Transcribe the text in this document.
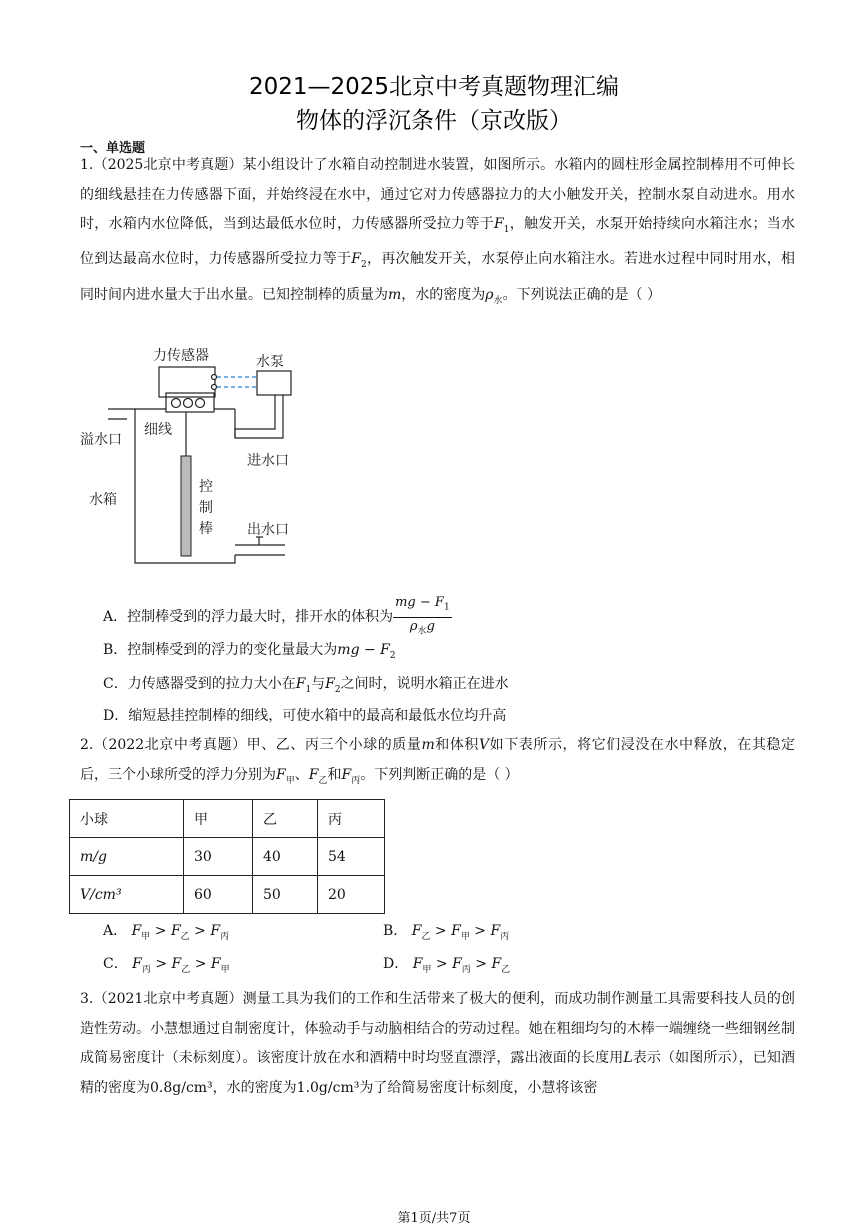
2021—2025北京中考真题物理汇编
物体的浮沉条件（京改版）
一、单选题
1.（2025北京中考真题）某小组设计了水箱自动控制进水装置，如图所示。水箱内的圆柱形金属控制棒用不可伸长的细线悬挂在力传感器下面，并始终浸在水中，通过它对力传感器拉力的大小触发开关，控制水泵自动进水。用水时，水箱内水位降低，当到达最低水位时，力传感器所受拉力等于$F_1$，触发开关，水泵开始持续向水箱注水；当水位到达最高水位时，力传感器所受拉力等于$F_2$，再次触发开关，水泵停止向水箱注水。若进水过程中同时用水，相同时间内进水量大于出水量。已知控制棒的质量为m，水的密度为$\rho_水$。下列说法正确的是（ ）
力传感器	水泵
细线
溢水口
进水口
水箱
控
制
棒 出水口
A．控制棒受到的浮力最大时，排开水的体积为 $\frac{mg - F_1}{\rho_水g}$
B．控制棒受到的浮力的变化量最大为mg − $F_2$
C．力传感器受到的拉力大小在$F_1$与$F_2$之间时，说明水箱正在进水
D．缩短悬挂控制棒的细线，可使水箱中的最高和最低水位均升高
2.（2022北京中考真题）甲、乙、丙三个小球的质量m和体积V如下表所示，将它们浸没在水中释放，在其稳定后，三个小球所受的浮力分别为$F_甲$、$F_乙$和$F_丙$。下列判断正确的是（ ）
小球	甲	乙	丙
m/g	30	40	54
V/cm³	60	50	20
A． $F_甲 > F_乙 > F_丙$	B． $F_乙 > F_甲 > F_丙$
C． $F_丙 > F_乙 > F_甲$	D． $F_甲 > F_丙 > F_乙$
3.（2021北京中考真题）测量工具为我们的工作和生活带来了极大的便利，而成功制作测量工具需要科技人员的创造性劳动。小慧想通过自制密度计，体验动手与动脑相结合的劳动过程。她在粗细均匀的木棒一端缠绕一些细钢丝制成简易密度计（未标刻度）。该密度计放在水和酒精中时均竖直漂浮，露出液面的长度用L表示（如图所示），已知酒精的密度为0.8g/cm³，水的密度为1.0g/cm³为了给简易密度计标刻度，小慧将该密
第1页/共7页
